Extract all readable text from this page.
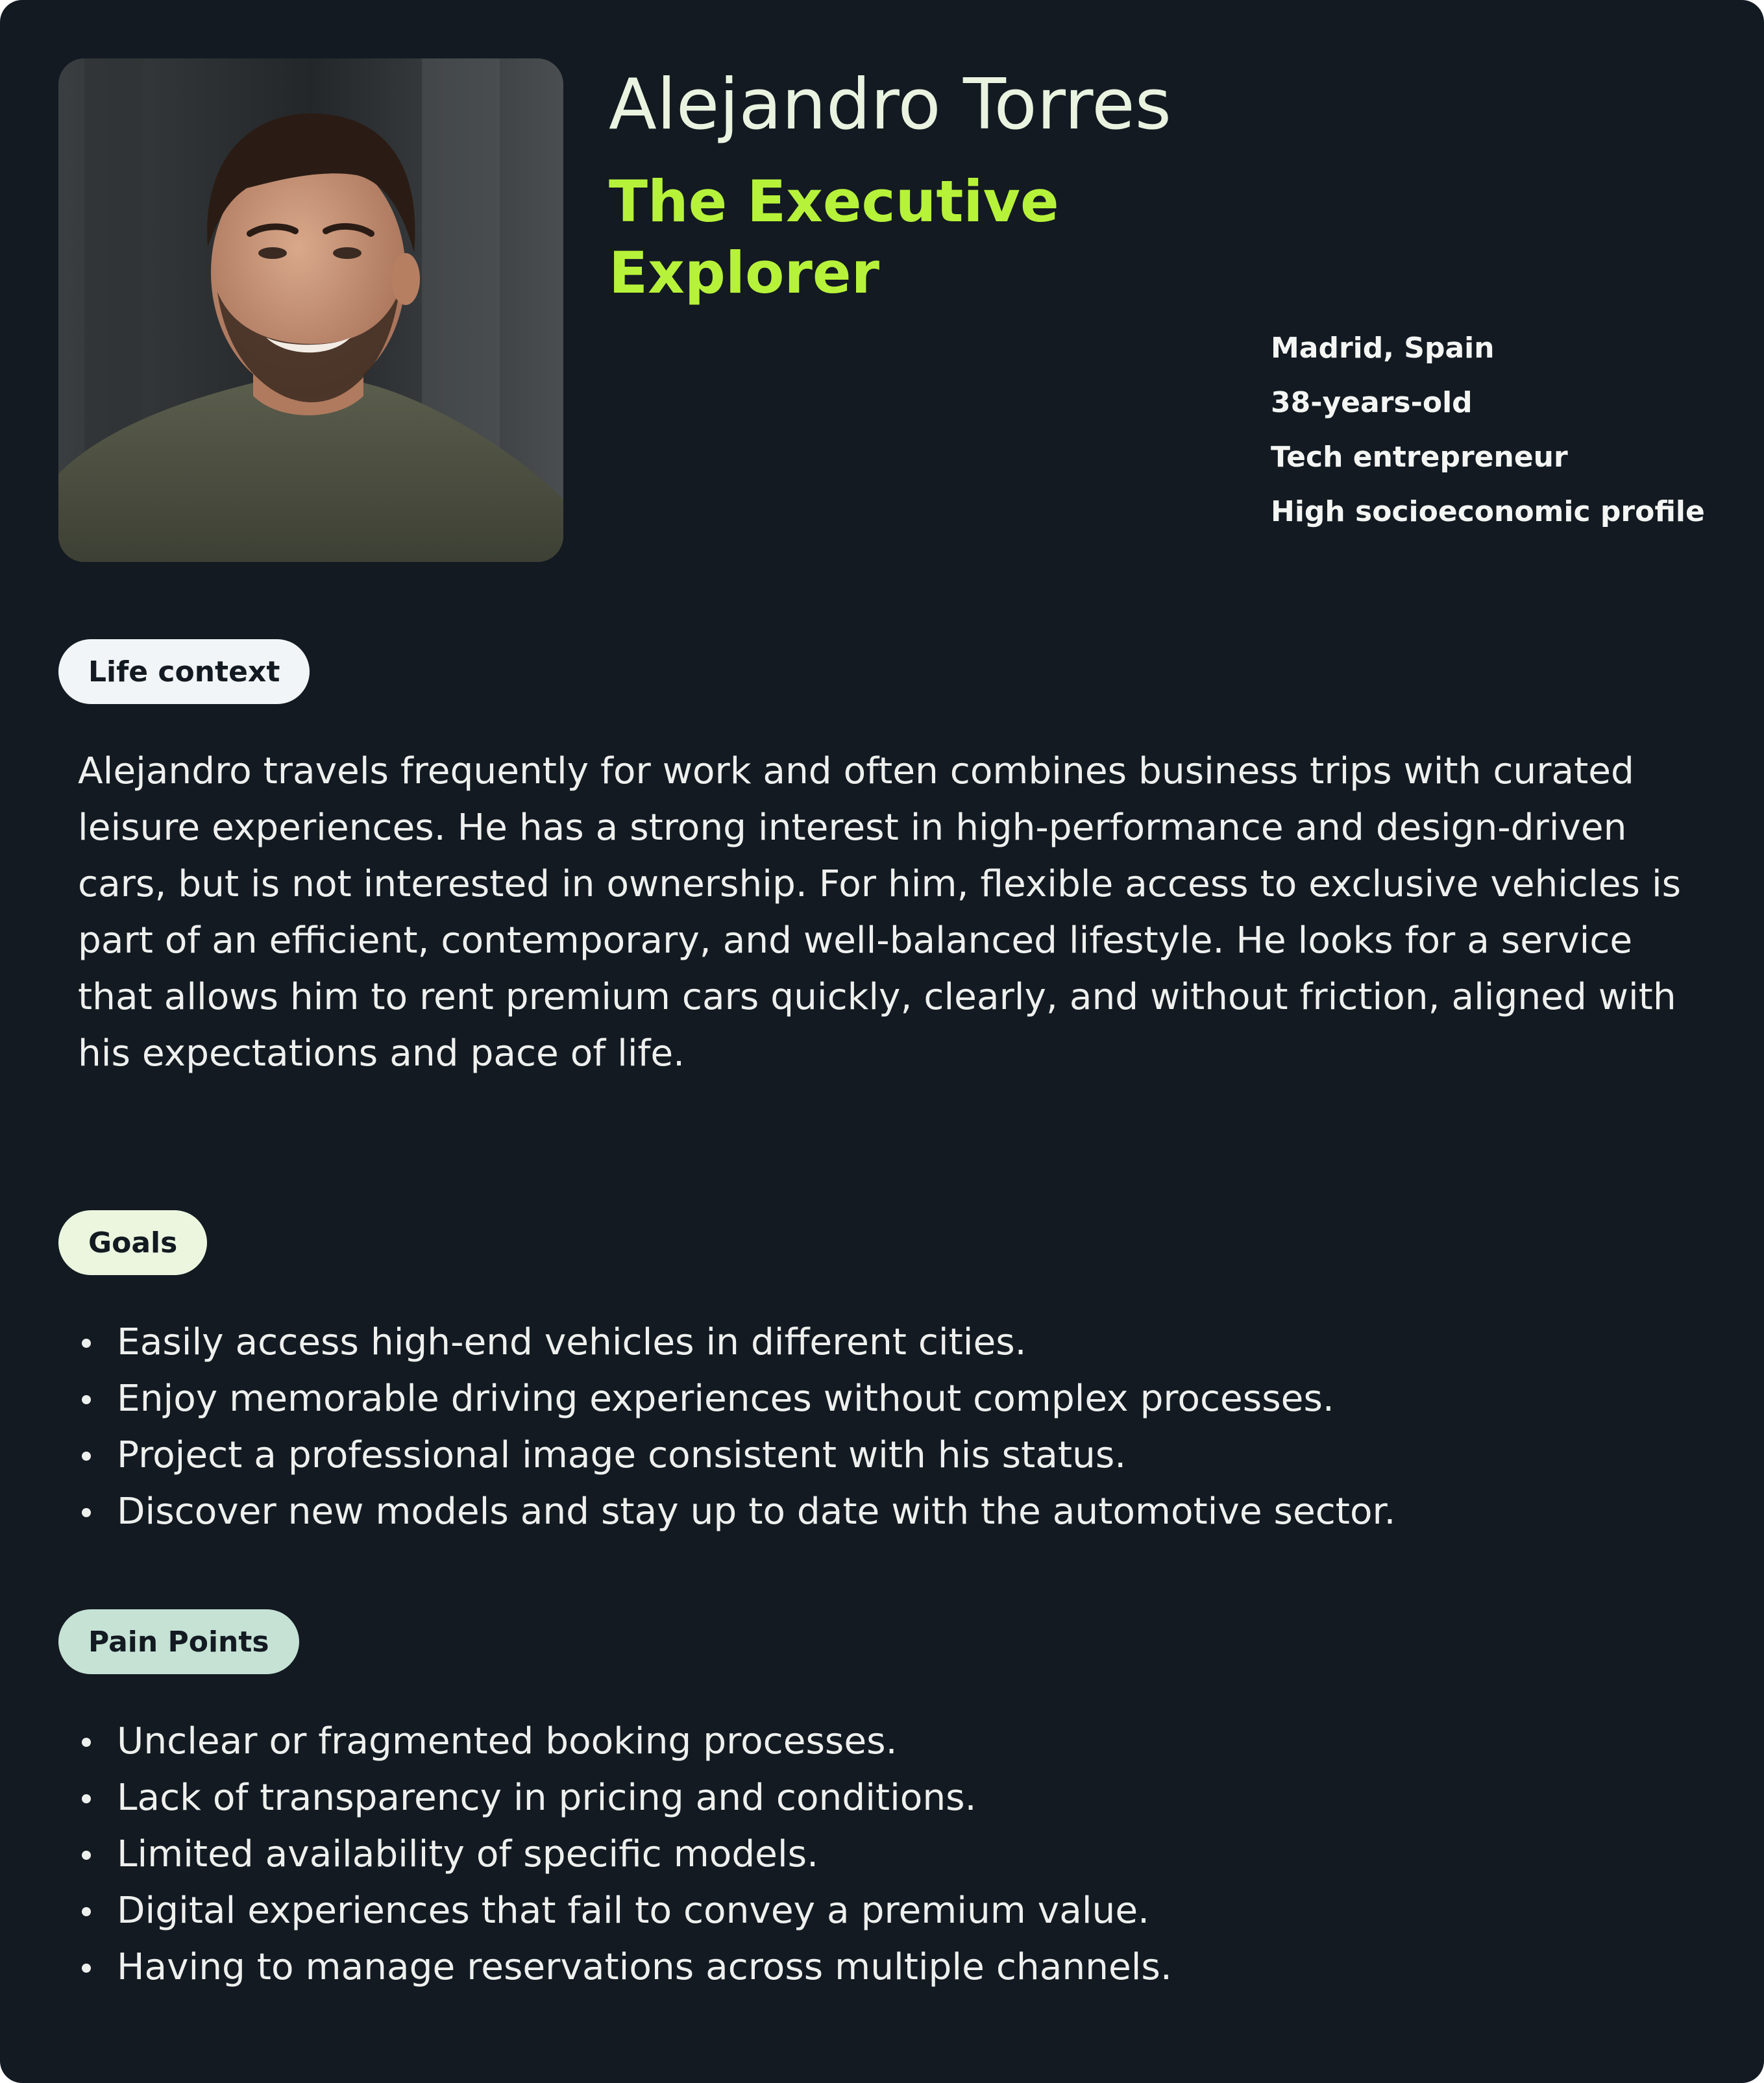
Alejandro Torres
The Executive Explorer
Madrid, Spain
38-years-old
Tech entrepreneur
High socioeconomic profile
Life context

Alejandro travels frequently for work and often combines business trips with curated leisure experiences. He has a strong interest in high-performance and design-driven cars, but is not interested in ownership. For him, flexible access to exclusive vehicles is part of an efficient, contemporary, and well-balanced lifestyle. He looks for a service that allows him to rent premium cars quickly, clearly, and without friction, aligned with his expectations and pace of life.

Goals
Easily access high-end vehicles in different cities.
Enjoy memorable driving experiences without complex processes.
Project a professional image consistent with his status.
Discover new models and stay up to date with the automotive sector.
Pain Points
Unclear or fragmented booking processes.
Lack of transparency in pricing and conditions.
Limited availability of specific models.
Digital experiences that fail to convey a premium value.
Having to manage reservations across multiple channels.
